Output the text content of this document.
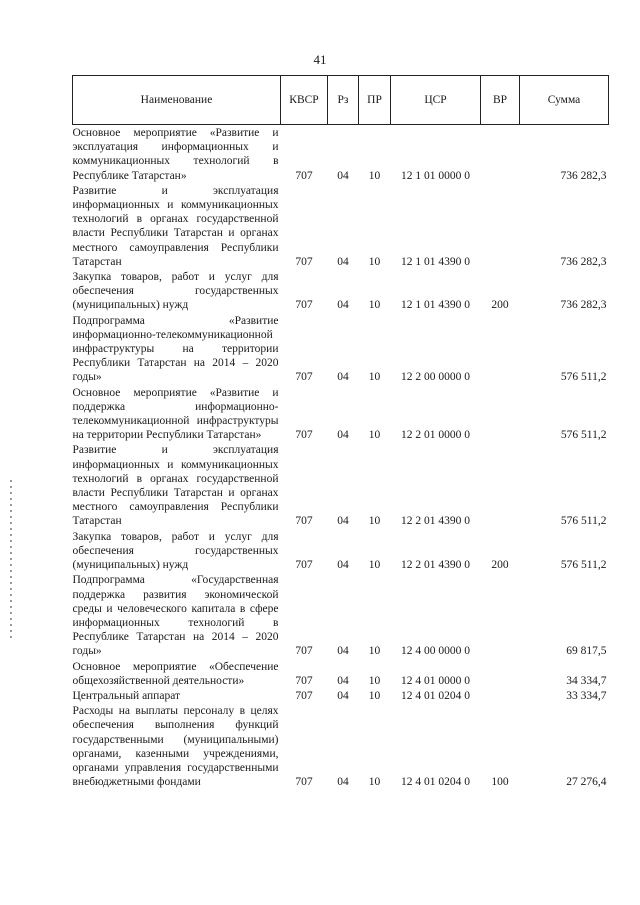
41
Наименование	КВСР	Рз	ПР	ЦСР	ВР	Сумма
Основное мероприятие «Развитие и эксплуатация информационных и коммуникационных технологий в Республике Татарстан»	707	04	10	12 1 01 0000 0		736 282,3
Развитие и эксплуатация информационных и коммуникационных технологий в органах государственной власти Республики Татарстан и органах местного самоуправления Республики Татарстан	707	04	10	12 1 01 4390 0		736 282,3
Закупка товаров, работ и услуг для обеспечения государственных (муниципальных) нужд	707	04	10	12 1 01 4390 0	200	736 282,3
Подпрограмма «Развитие информационно-телекоммуникационной инфраструктуры на территории Республики Татарстан на 2014 – 2020 годы»	707	04	10	12 2 00 0000 0		576 511,2
Основное мероприятие «Развитие и поддержка информационно-телекоммуникационной инфраструктуры на территории Республики Татарстан»	707	04	10	12 2 01 0000 0		576 511,2
Развитие и эксплуатация информационных и коммуникационных технологий в органах государственной власти Республики Татарстан и органах местного самоуправления Республики Татарстан	707	04	10	12 2 01 4390 0		576 511,2
Закупка товаров, работ и услуг для обеспечения государственных (муниципальных) нужд	707	04	10	12 2 01 4390 0	200	576 511,2
Подпрограмма «Государственная поддержка развития экономической среды и человеческого капитала в сфере информационных технологий в Республике Татарстан на 2014 – 2020 годы»	707	04	10	12 4 00 0000 0		69 817,5
Основное мероприятие «Обеспечение общехозяйственной деятельности»	707	04	10	12 4 01 0000 0		34 334,7
Центральный аппарат	707	04	10	12 4 01 0204 0		33 334,7
Расходы на выплаты персоналу в целях обеспечения выполнения функций государственными (муниципальными) органами, казенными учреждениями, органами управления государственными внебюджетными фондами	707	04	10	12 4 01 0204 0	100	27 276,4
